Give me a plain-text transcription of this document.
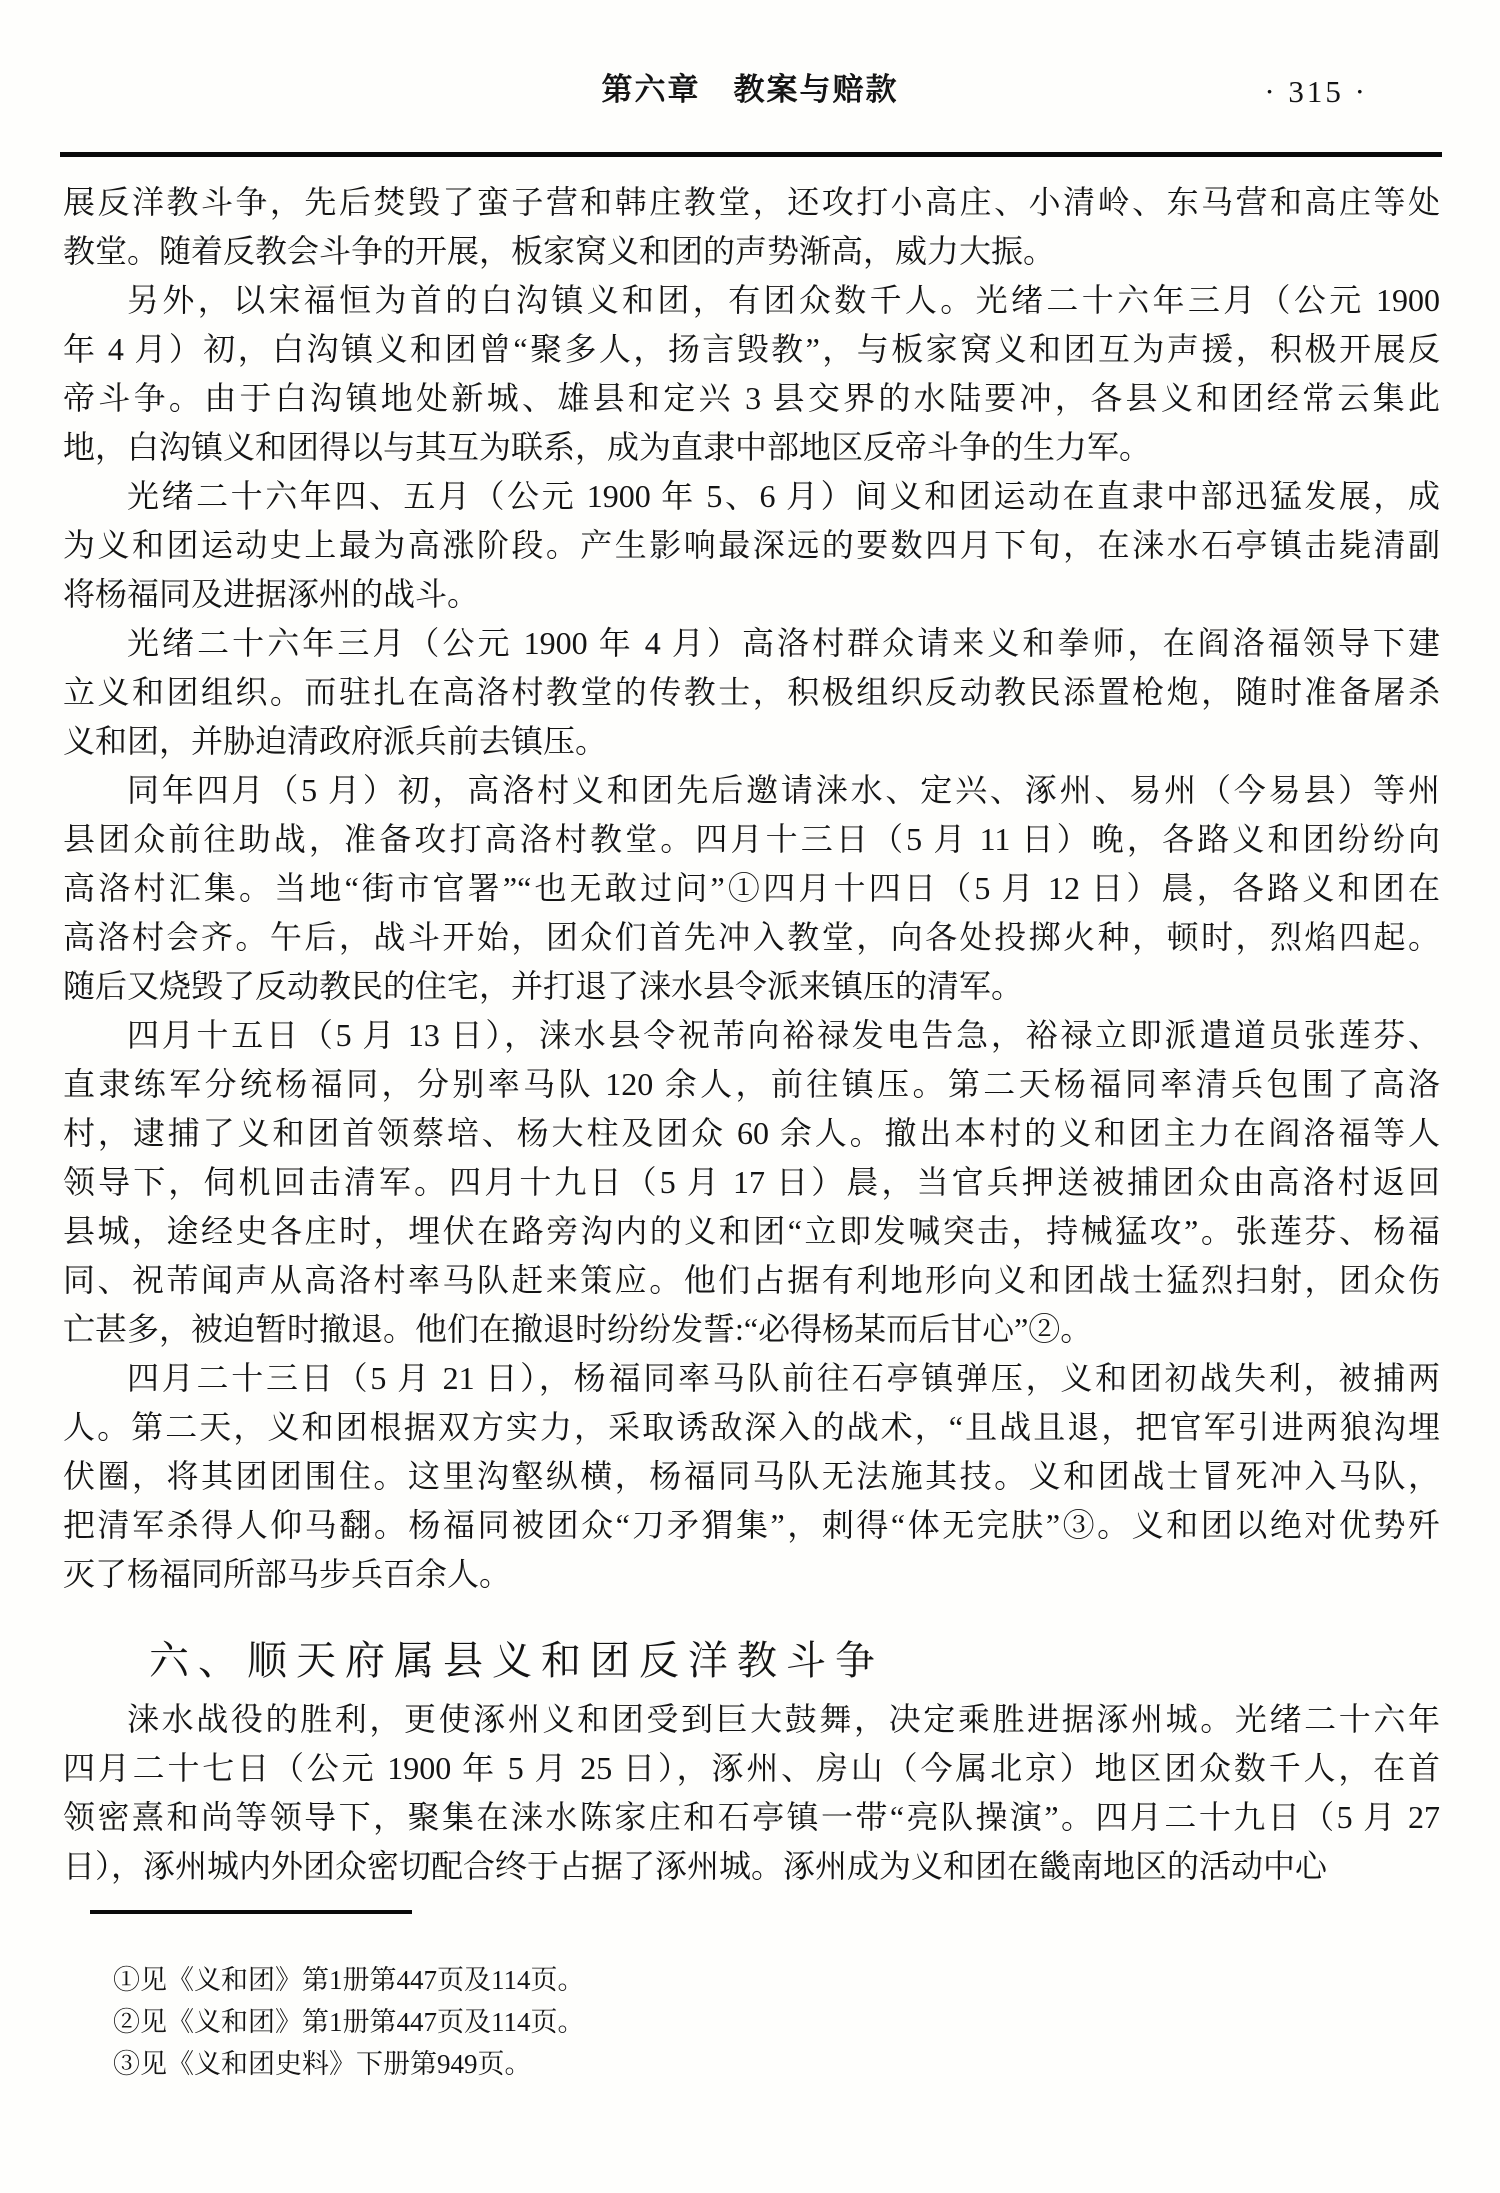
第六章　教案与赔款	· 315 ·
展反洋教斗争，先后焚毁了蛮子营和韩庄教堂，还攻打小高庄、小清岭、东马营和高庄等处
教堂。随着反教会斗争的开展，板家窝义和团的声势渐高，威力大振。
另外，以宋福恒为首的白沟镇义和团，有团众数千人。光绪二十六年三月（公元 1900
年 4 月）初，白沟镇义和团曾“聚多人，扬言毁教”，与板家窝义和团互为声援，积极开展反
帝斗争。由于白沟镇地处新城、雄县和定兴 3 县交界的水陆要冲，各县义和团经常云集此
地，白沟镇义和团得以与其互为联系，成为直隶中部地区反帝斗争的生力军。
光绪二十六年四、五月（公元 1900 年 5、6 月）间义和团运动在直隶中部迅猛发展，成
为义和团运动史上最为高涨阶段。产生影响最深远的要数四月下旬，在涞水石亭镇击毙清副
将杨福同及进据涿州的战斗。
光绪二十六年三月（公元 1900 年 4 月）高洛村群众请来义和拳师，在阎洛福领导下建
立义和团组织。而驻扎在高洛村教堂的传教士，积极组织反动教民添置枪炮，随时准备屠杀
义和团，并胁迫清政府派兵前去镇压。
同年四月（5 月）初，高洛村义和团先后邀请涞水、定兴、涿州、易州（今易县）等州
县团众前往助战，准备攻打高洛村教堂。四月十三日（5 月 11 日）晚，各路义和团纷纷向
高洛村汇集。当地“街市官署”“也无敢过问”①四月十四日（5 月 12 日）晨，各路义和团在
高洛村会齐。午后，战斗开始，团众们首先冲入教堂，向各处投掷火种，顿时，烈焰四起。
随后又烧毁了反动教民的住宅，并打退了涞水县令派来镇压的清军。
四月十五日（5 月 13 日），涞水县令祝芾向裕禄发电告急，裕禄立即派遣道员张莲芬、
直隶练军分统杨福同，分别率马队 120 余人，前往镇压。第二天杨福同率清兵包围了高洛
村，逮捕了义和团首领蔡培、杨大柱及团众 60 余人。撤出本村的义和团主力在阎洛福等人
领导下，伺机回击清军。四月十九日（5 月 17 日）晨，当官兵押送被捕团众由高洛村返回
县城，途经史各庄时，埋伏在路旁沟内的义和团“立即发喊突击，持械猛攻”。张莲芬、杨福
同、祝芾闻声从高洛村率马队赶来策应。他们占据有利地形向义和团战士猛烈扫射，团众伤
亡甚多，被迫暂时撤退。他们在撤退时纷纷发誓:“必得杨某而后甘心”②。
四月二十三日（5 月 21 日），杨福同率马队前往石亭镇弹压，义和团初战失利，被捕两
人。第二天，义和团根据双方实力，采取诱敌深入的战术，“且战且退，把官军引进两狼沟埋
伏圈，将其团团围住。这里沟壑纵横，杨福同马队无法施其技。义和团战士冒死冲入马队，
把清军杀得人仰马翻。杨福同被团众“刀矛猬集”，刺得“体无完肤”③。义和团以绝对优势歼
灭了杨福同所部马步兵百余人。
六、顺天府属县义和团反洋教斗争
涞水战役的胜利，更使涿州义和团受到巨大鼓舞，决定乘胜进据涿州城。光绪二十六年
四月二十七日（公元 1900 年 5 月 25 日），涿州、房山（今属北京）地区团众数千人，在首
领密熹和尚等领导下，聚集在涞水陈家庄和石亭镇一带“亮队操演”。四月二十九日（5 月 27
日），涿州城内外团众密切配合终于占据了涿州城。涿州成为义和团在畿南地区的活动中心
①见《义和团》第1册第447页及114页。
②见《义和团》第1册第447页及114页。
③见《义和团史料》下册第949页。
